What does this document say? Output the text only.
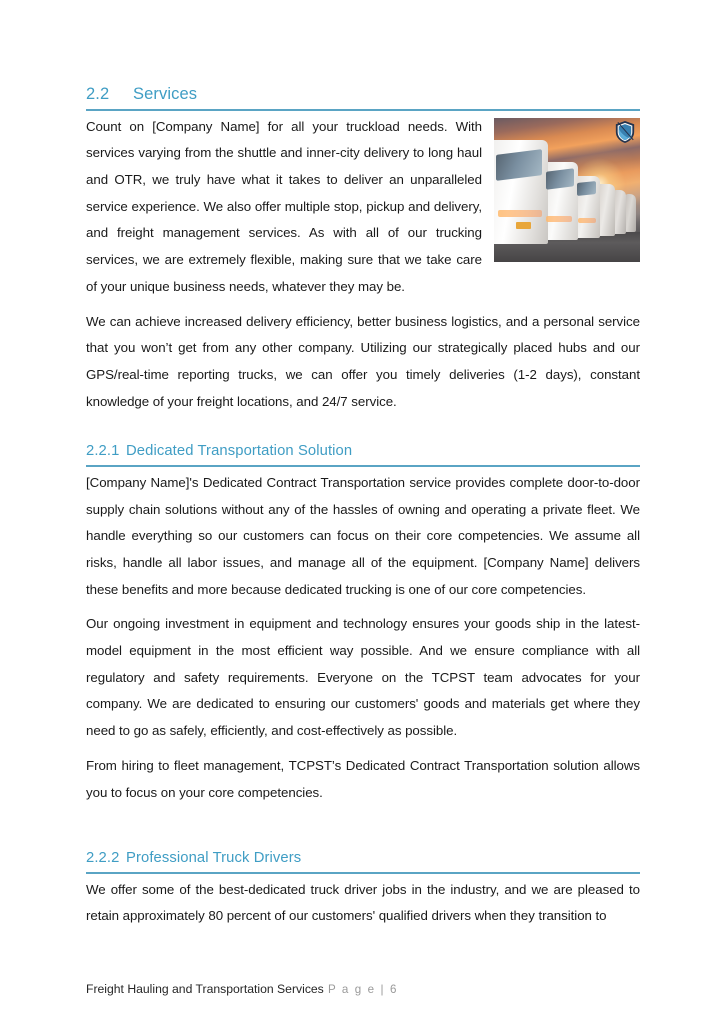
2.2 Services

Count on [Company Name] for all your truckload needs. With services varying from the shuttle and inner-city delivery to long haul and OTR, we truly have what it takes to deliver an unparalleled service experience. We also offer multiple stop, pickup and delivery, and freight management services. As with all of our trucking services, we are extremely flexible, making sure that we take care of your unique business needs, whatever they may be.

We can achieve increased delivery efficiency, better business logistics, and a personal service that you won’t get from any other company. Utilizing our strategically placed hubs and our GPS/real-time reporting trucks, we can offer you timely deliveries (1-2 days), constant knowledge of your freight locations, and 24/7 service.

2.2.1 Dedicated Transportation Solution

[Company Name]'s Dedicated Contract Transportation service provides complete door-to-door supply chain solutions without any of the hassles of owning and operating a private fleet. We handle everything so our customers can focus on their core competencies. We assume all risks, handle all labor issues, and manage all of the equipment. [Company Name] delivers these benefits and more because dedicated trucking is one of our core competencies.

Our ongoing investment in equipment and technology ensures your goods ship in the latest-model equipment in the most efficient way possible. And we ensure compliance with all regulatory and safety requirements. Everyone on the TCPST team advocates for your company. We are dedicated to ensuring our customers' goods and materials get where they need to go as safely, efficiently, and cost-effectively as possible.

From hiring to fleet management, TCPST’s Dedicated Contract Transportation solution allows you to focus on your core competencies.

2.2.2 Professional Truck Drivers

We offer some of the best-dedicated truck driver jobs in the industry, and we are pleased to retain approximately 80 percent of our customers' qualified drivers when they transition to

Freight Hauling and Transportation Services P a g e | 6
